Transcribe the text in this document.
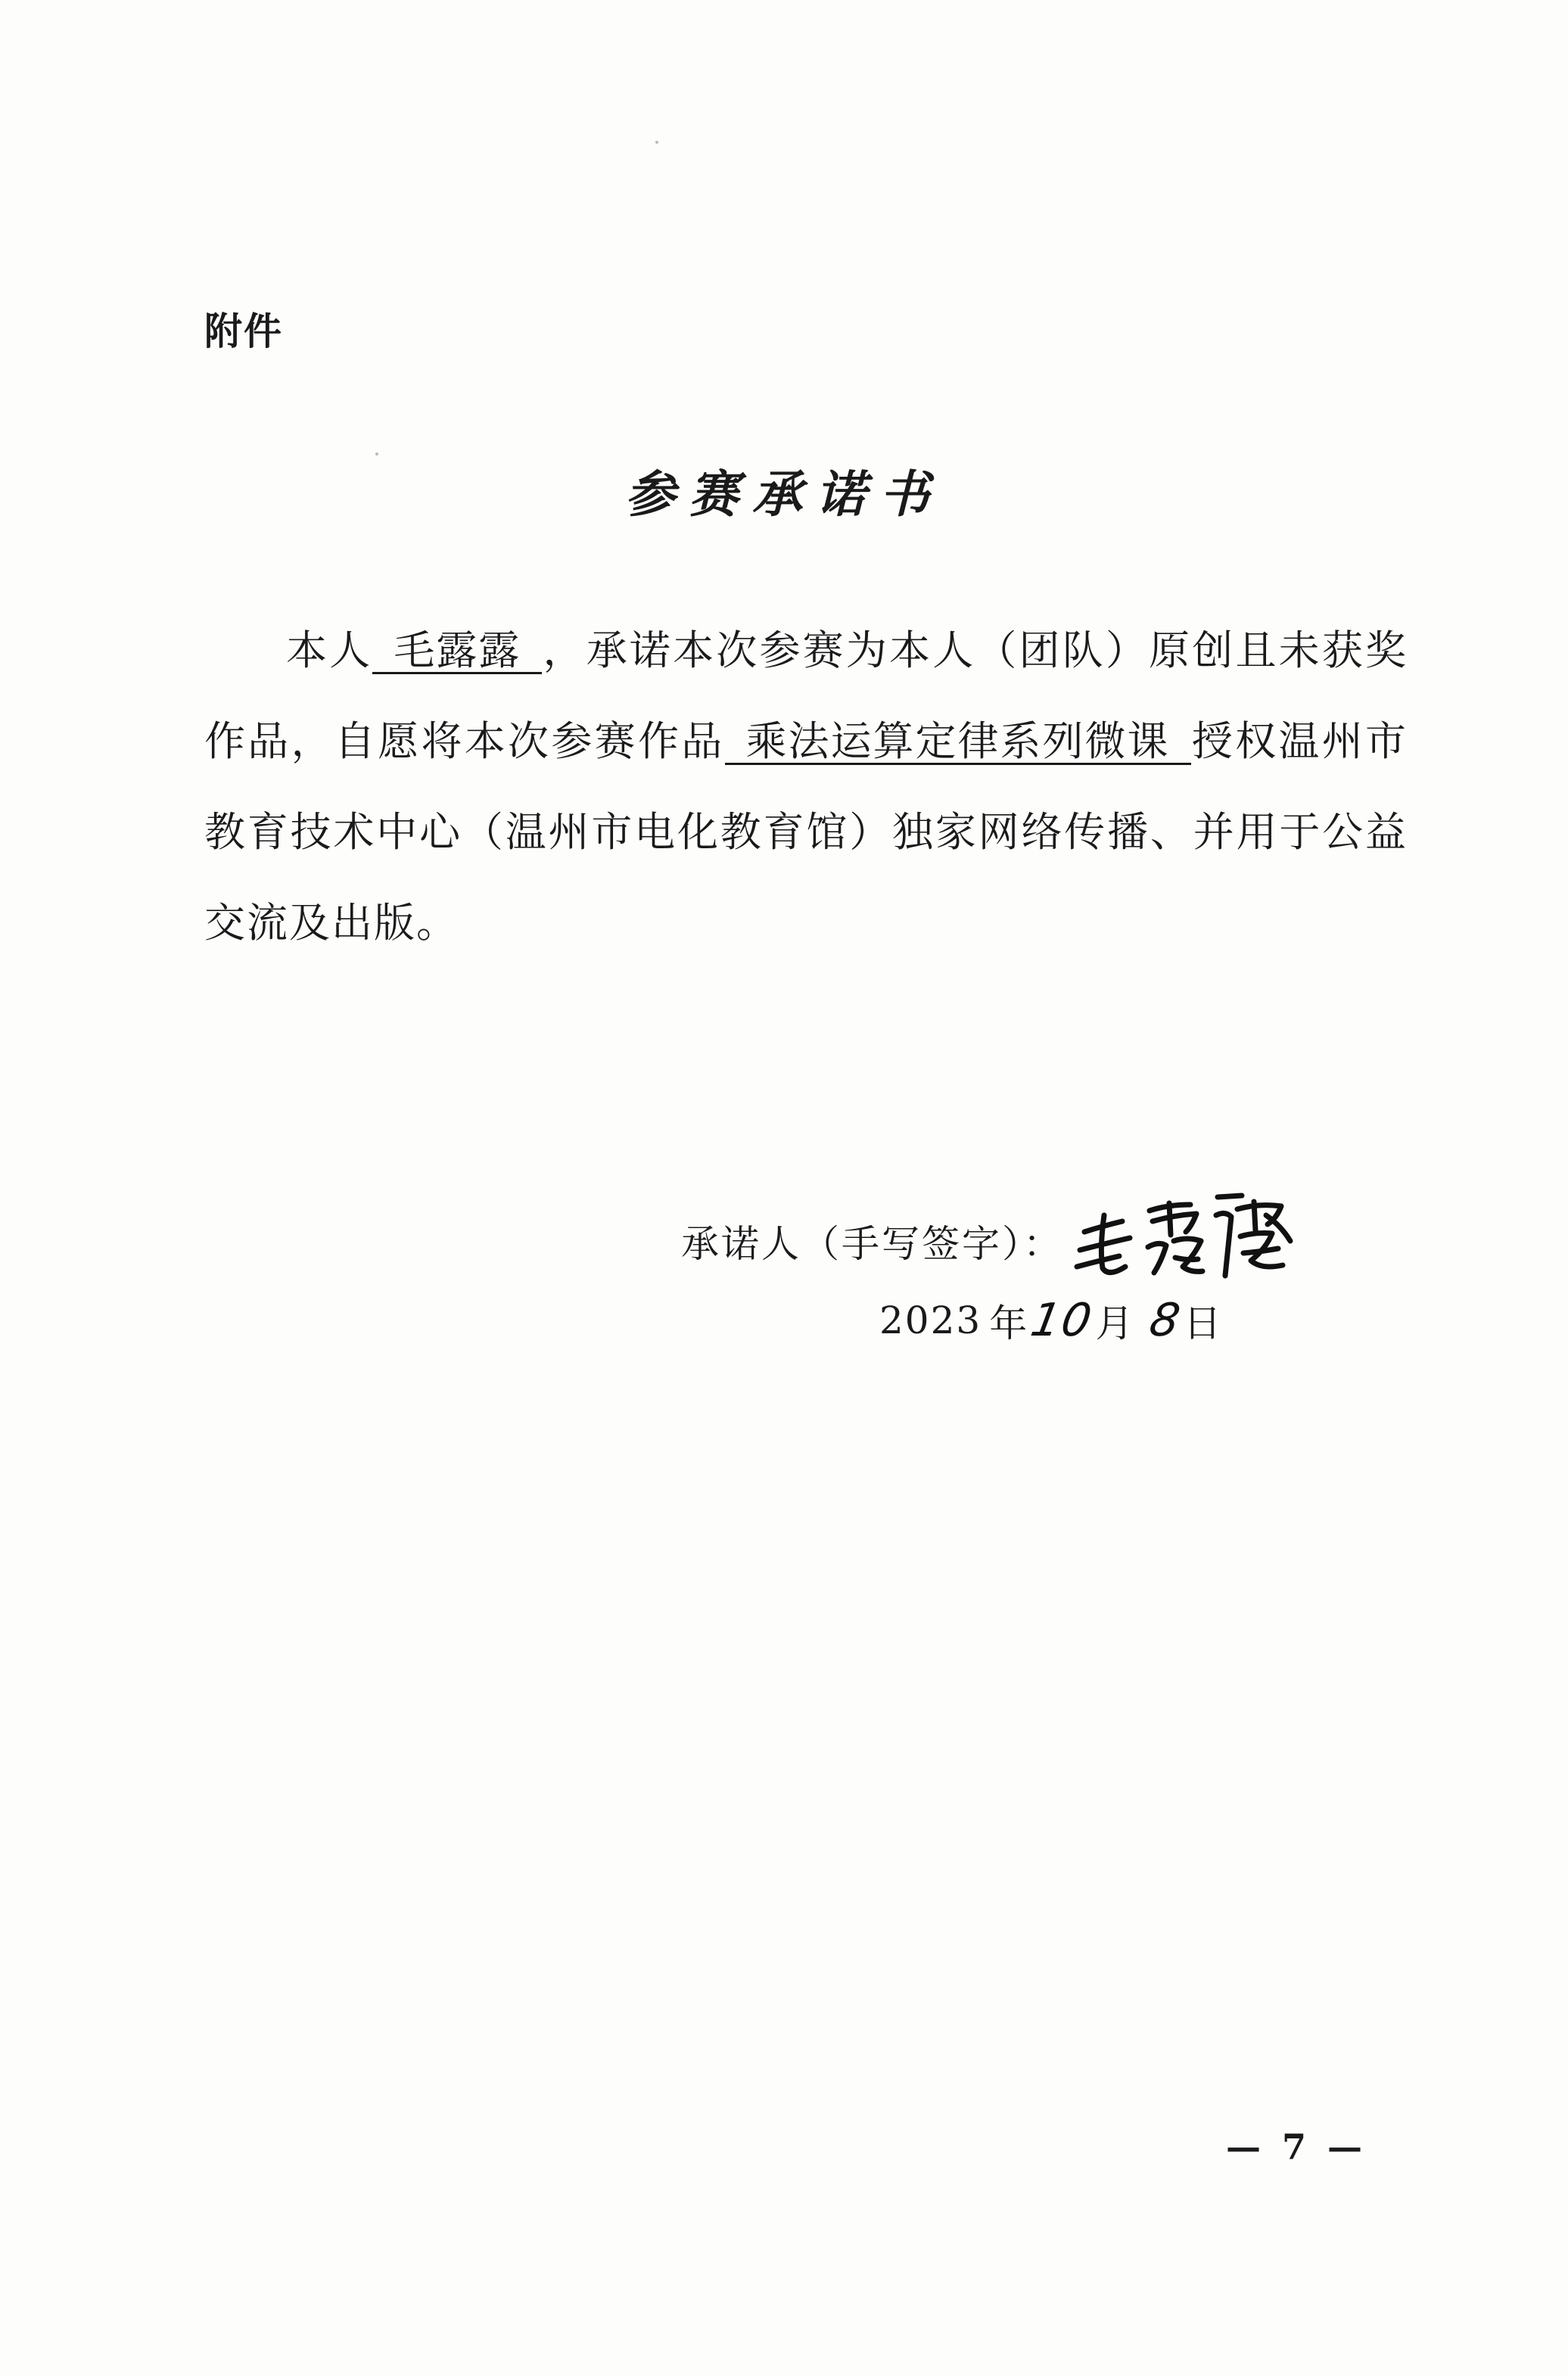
附件
参赛承诺书
本人 毛露露 ，承诺本次参赛为本人（团队）原创且未获奖作品，自愿将本次参赛作品 乘法运算定律系列微课 授权温州市教育技术中心（温州市电化教育馆）独家网络传播、并用于公益交流及出版。
承诺人（手写签字）：
2023 年
10
月 8
日
— 7 —
